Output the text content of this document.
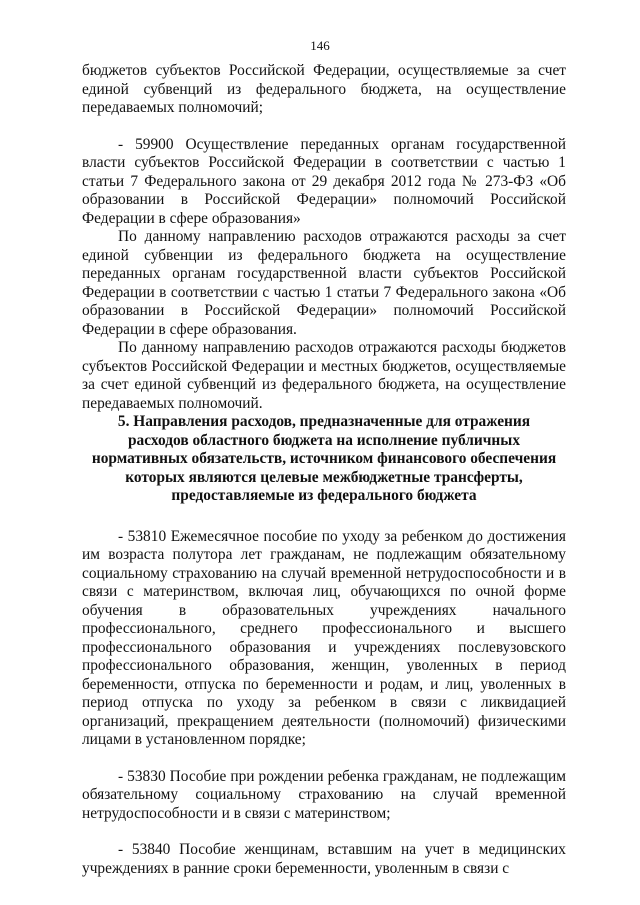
146

бюджетов субъектов Российской Федерации, осуществляемые за счет единой субвенций из федерального бюджета, на осуществление передаваемых полномочий;

- 59900 Осуществление переданных органам государственной власти субъектов Российской Федерации в соответствии с частью 1 статьи 7 Федерального закона от 29 декабря 2012 года № 273-ФЗ «Об образовании в Российской Федерации» полномочий Российской Федерации в сфере образования»

По данному направлению расходов отражаются расходы за счет единой субвенции из федерального бюджета на осуществление переданных органам государственной власти субъектов Российской Федерации в соответствии с частью 1 статьи 7 Федерального закона «Об образовании в Российской Федерации» полномочий Российской Федерации в сфере образования.

По данному направлению расходов отражаются расходы бюджетов субъектов Российской Федерации и местных бюджетов, осуществляемые за счет единой субвенций из федерального бюджета, на осуществление передаваемых полномочий.

5. Направления расходов, предназначенные для отражения расходов областного бюджета на исполнение публичных нормативных обязательств, источником финансового обеспечения которых являются целевые межбюджетные трансферты, предоставляемые из федерального бюджета

- 53810 Ежемесячное пособие по уходу за ребенком до достижения им возраста полутора лет гражданам, не подлежащим обязательному социальному страхованию на случай временной нетрудоспособности и в связи с материнством, включая лиц, обучающихся по очной форме обучения в образовательных учреждениях начального профессионального, среднего профессионального и высшего профессионального образования и учреждениях послевузовского профессионального образования, женщин, уволенных в период беременности, отпуска по беременности и родам, и лиц, уволенных в период отпуска по уходу за ребенком в связи с ликвидацией организаций, прекращением деятельности (полномочий) физическими лицами в установленном порядке;

- 53830 Пособие при рождении ребенка гражданам, не подлежащим обязательному социальному страхованию на случай временной нетрудоспособности и в связи с материнством;

- 53840 Пособие женщинам, вставшим на учет в медицинских учреждениях в ранние сроки беременности, уволенным в связи с
